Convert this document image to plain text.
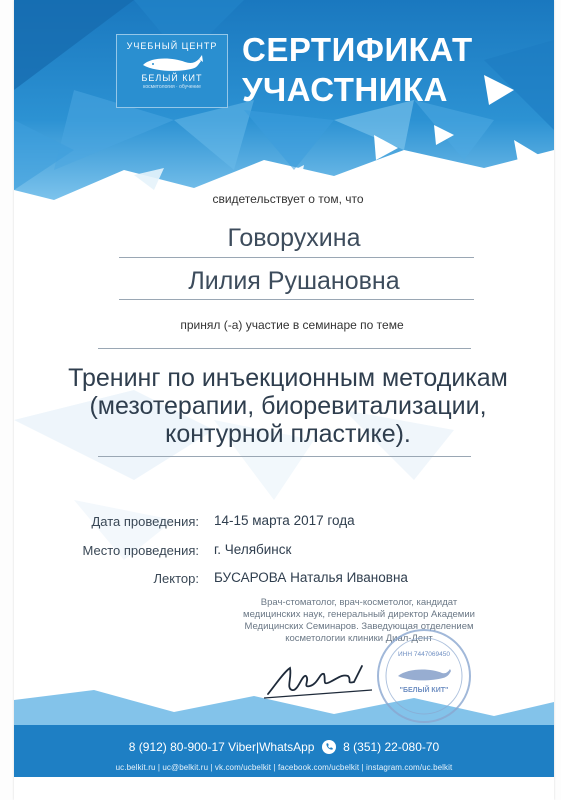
УЧЕБНЫЙ ЦЕНТР
БЕЛЫЙ КИТ
косметология · обучение
СЕРТИФИКАТ
УЧАСТНИКА
свидетельствует о том, что
Говорухина
Лилия Рушановна
принял (-а) участие в семинаре по теме
Тренинг по инъекционным методикам
(мезотерапии, биоревитализации,
контурной пластике).
Дата проведения: 14-15 марта 2017 года
Место проведения: г. Челябинск
Лектор: БУСАРОВА Наталья Ивановна
Врач-стоматолог, врач-косметолог, кандидат
медицинских наук, генеральный директор Академии
Медицинских Семинаров. Заведующая отделением
косметологии клиники Диал-Дент
ИНН 7447069450
"БЕЛЫЙ КИТ"
8 (912) 80-900-17 Viber|WhatsApp 8 (351) 22-080-70
uc.belkit.ru | uc@belkit.ru | vk.com/ucbelkit | facebook.com/ucbelkit | instagram.com/uc.belkit
